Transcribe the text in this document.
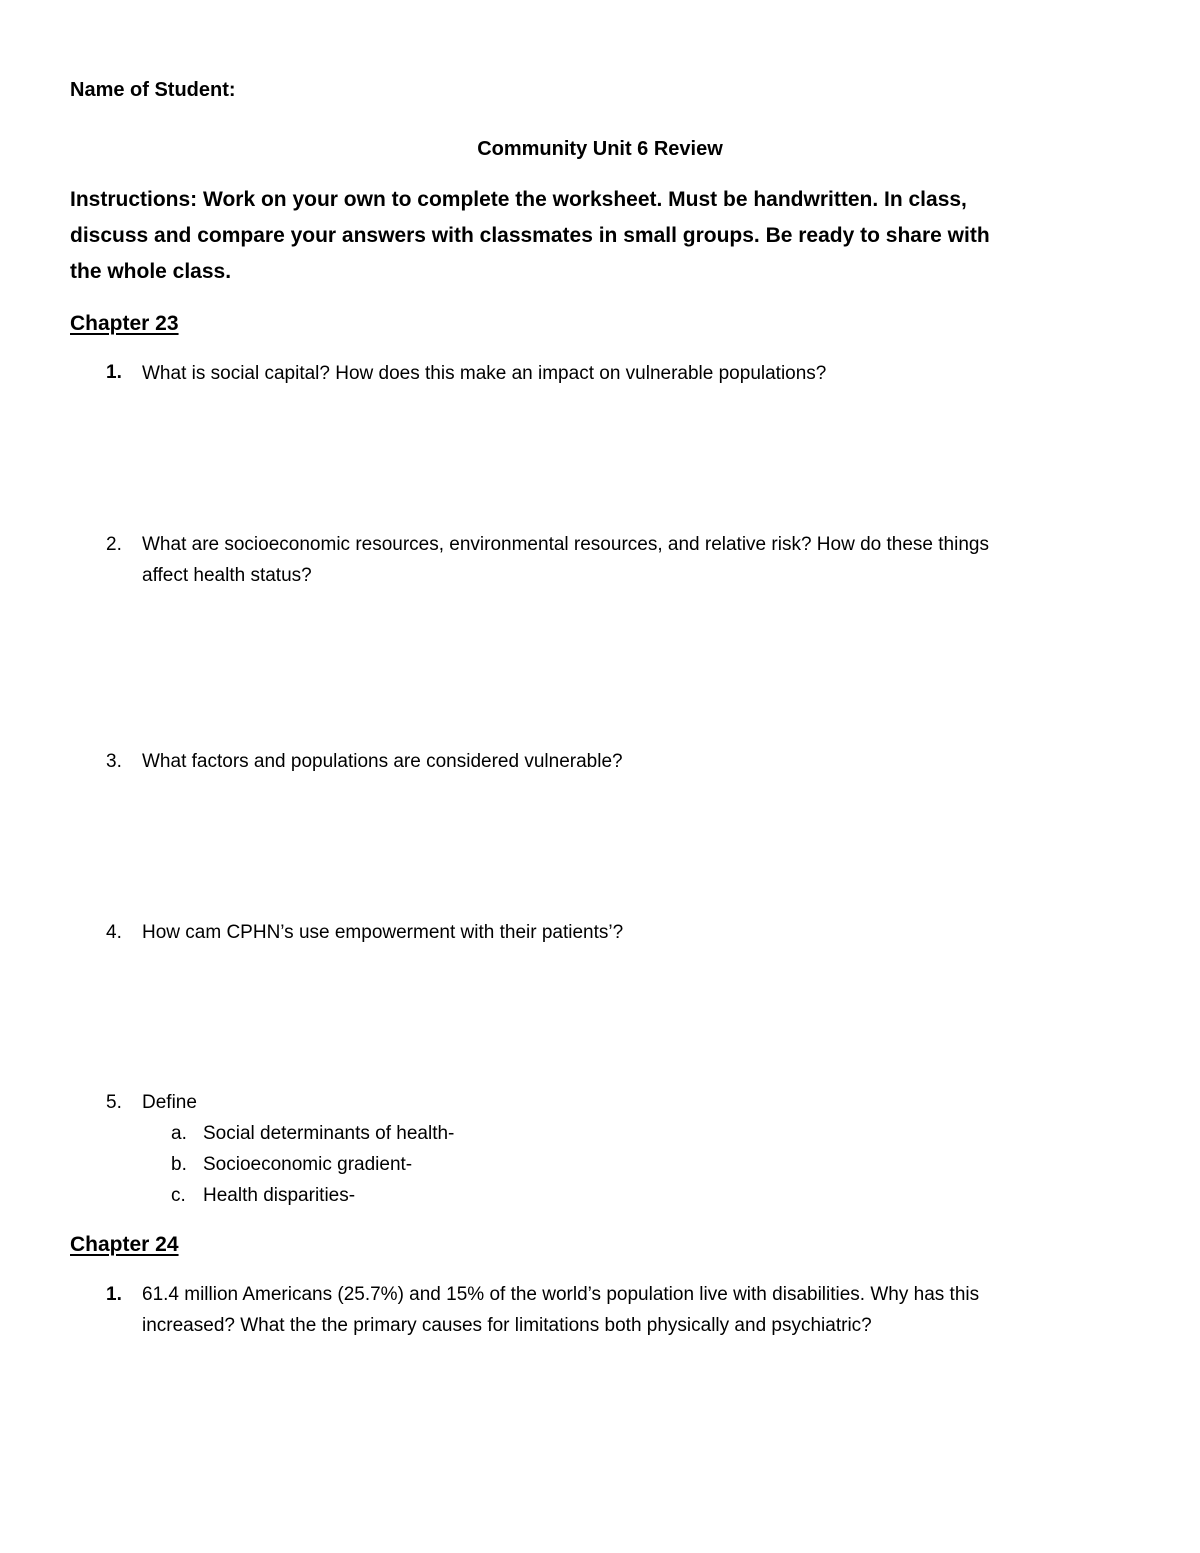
Name of Student:
Community Unit 6 Review
Instructions: Work on your own to complete the worksheet. Must be handwritten. In class,
discuss and compare your answers with classmates in small groups. Be ready to share with
the whole class.
Chapter 23
1. What is social capital? How does this make an impact on vulnerable populations?
2. What are socioeconomic resources, environmental resources, and relative risk? How do these things
affect health status?
3. What factors and populations are considered vulnerable?
4. How cam CPHN’s use empowerment with their patients’?
5. Define
a. Social determinants of health-
b. Socioeconomic gradient-
c. Health disparities-
Chapter 24
1. 61.4 million Americans (25.7%) and 15% of the world’s population live with disabilities. Why has this
increased? What the the primary causes for limitations both physically and psychiatric?
